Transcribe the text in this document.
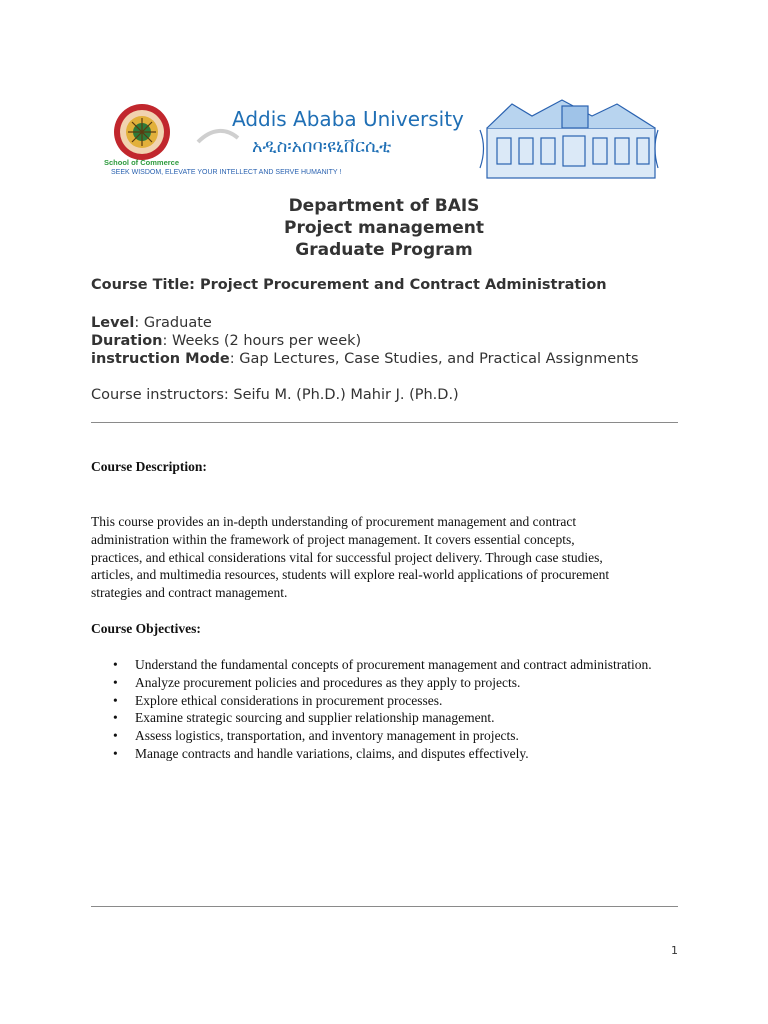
School of Commerce
Addis Ababa University
አዲስ፡አበባ፡ዩኒቨርሲቲ
SEEK WISDOM, ELEVATE YOUR INTELLECT AND SERVE HUMANITY !
Department of BAIS
Project management
Graduate Program
Course Title: Project Procurement and Contract Administration
Level: Graduate
Duration: Weeks (2 hours per week)
instruction Mode: Gap Lectures, Case Studies, and Practical Assignments
Course instructors: Seifu M. (Ph.D.) Mahir J. (Ph.D.)
Course Description:

This course provides an in-depth understanding of procurement management and contract

administration within the framework of project management. It covers essential concepts,

practices, and ethical considerations vital for successful project delivery. Through case studies,

articles, and multimedia resources, students will explore real-world applications of procurement

strategies and contract management.

Course Objectives:
• Understand the fundamental concepts of procurement management and contract administration.
• Analyze procurement policies and procedures as they apply to projects.
• Explore ethical considerations in procurement processes.
• Examine strategic sourcing and supplier relationship management.
• Assess logistics, transportation, and inventory management in projects.
• Manage contracts and handle variations, claims, and disputes effectively.
1
